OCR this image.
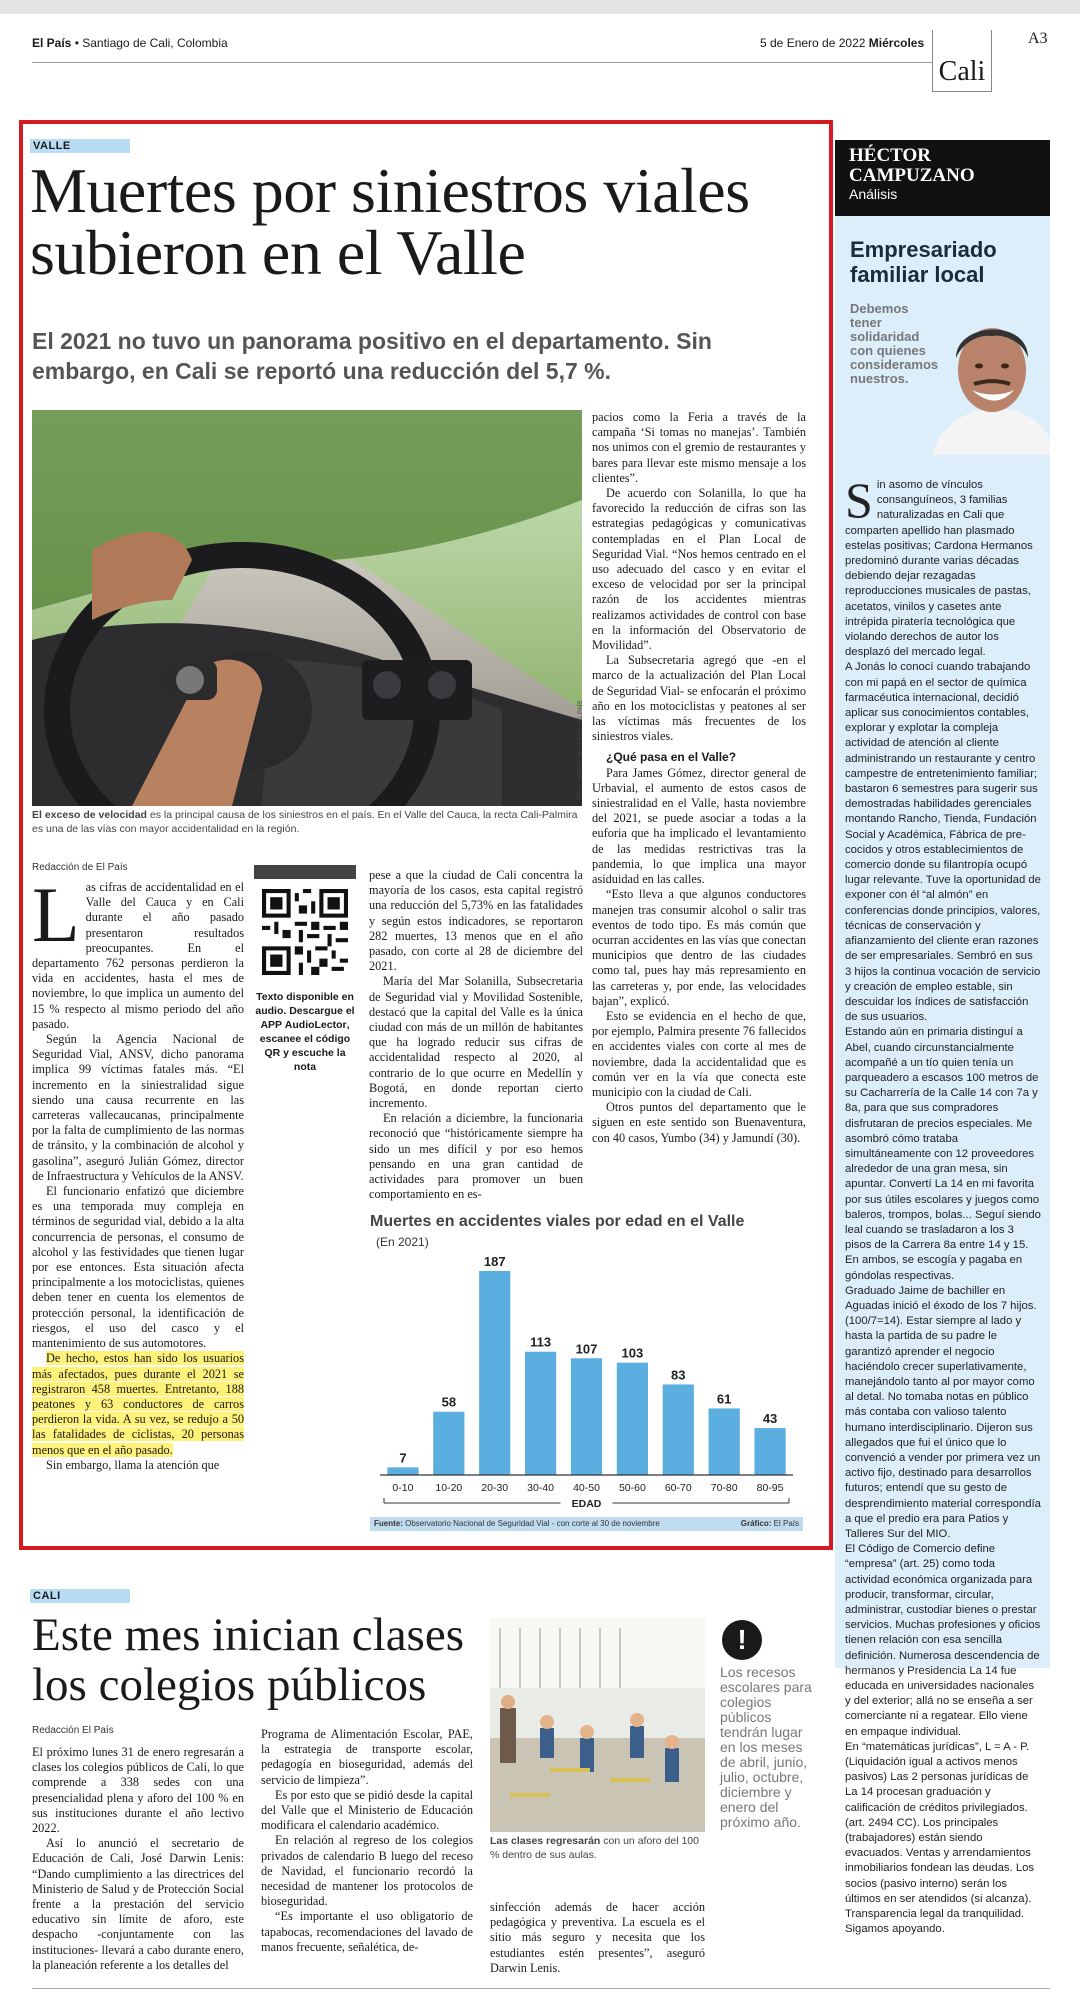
El País • Santiago de Cali, Colombia	5 de Enero de 2022 Miércoles
Cali
A3
VALLE
Muertes por siniestros viales subieron en el Valle
El 2021 no tuvo un panorama positivo en el departamento. Sin embargo, en Cali se reportó una reducción del 5,7 %.
FOTO: JORGE ORDEZCO / EL PAÍS
El exceso de velocidad es la principal causa de los siniestros en el país. En el Valle del Cauca, la recta Cali-Palmira es una de las vías con mayor accidentalidad en la región.
Redacción de El País

Las cifras de accidentalidad en el Valle del Cauca y en Cali durante el año pasado presentaron resultados preocupantes. En el departamento 762 personas perdieron la vida en accidentes, hasta el mes de noviembre, lo que implica un aumento del 15 % respecto al mismo periodo del año pasado.

Según la Agencia Nacional de Seguridad Vial, ANSV, dicho panorama implica 99 víctimas fatales más. “El incremento en la siniestralidad sigue siendo una causa recurrente en las carreteras vallecaucanas, principalmente por la falta de cumplimiento de las normas de tránsito, y la combinación de alcohol y gasolina”, aseguró Julián Gómez, director de Infraestructura y Vehículos de la ANSV.

El funcionario enfatizó que diciembre es una temporada muy compleja en términos de seguridad vial, debido a la alta concurrencia de personas, el consumo de alcohol y las festividades que tienen lugar por ese entonces. Esta situación afecta principalmente a los motociclistas, quienes deben tener en cuenta los elementos de protección personal, la identificación de riesgos, el uso del casco y el mantenimiento de sus automotores.

De hecho, estos han sido los usuarios más afectados, pues durante el 2021 se registraron 458 muertes. Entretanto, 188 peatones y 63 conductores de carros perdieron la vida. A su vez, se redujo a 50 las fatalidades de ciclistas, 20 personas menos que en el año pasado.

Sin embargo, llama la atención que

Texto disponible en audio. Descargue el APP AudioLector, escanee el código QR y escuche la nota

pese a que la ciudad de Cali concentra la mayoría de los casos, esta capital registró una reducción del 5,73% en las fatalidades y según estos indicadores, se reportaron 282 muertes, 13 menos que en el año pasado, con corte al 28 de diciembre del 2021.

María del Mar Solanilla, Subsecretaria de Seguridad vial y Movilidad Sostenible, destacó que la capital del Valle es la única ciudad con más de un millón de habitantes que ha logrado reducir sus cifras de accidentalidad respecto al 2020, al contrario de lo que ocurre en Medellín y Bogotá, en donde reportan cierto incremento.

En relación a diciembre, la funcionaria reconoció que “históricamente siempre ha sido un mes difícil y por eso hemos pensando en una gran cantidad de actividades para promover un buen comportamiento en es-

pacios como la Feria a través de la campaña ‘Si tomas no manejas’. También nos unimos con el gremio de restaurantes y bares para llevar este mismo mensaje a los clientes”.

De acuerdo con Solanilla, lo que ha favorecido la reducción de cifras son las estrategias pedagógicas y comunicativas contempladas en el Plan Local de Seguridad Vial. “Nos hemos centrado en el uso adecuado del casco y en evitar el exceso de velocidad por ser la principal razón de los accidentes mientras realizamos actividades de control con base en la información del Observatorio de Movilidad”.

La Subsecretaria agregó que -en el marco de la actualización del Plan Local de Seguridad Vial- se enfocarán el próximo año en los motociclistas y peatones al ser las víctimas más frecuentes de los siniestros viales.

¿Qué pasa en el Valle?

Para James Gómez, director general de Urbavial, el aumento de estos casos de siniestralidad en el Valle, hasta noviembre del 2021, se puede asociar a todas a la euforia que ha implicado el levantamiento de las medidas restrictivas tras la pandemia, lo que implica una mayor asiduidad en las calles.

“Esto lleva a que algunos conductores manejen tras consumir alcohol o salir tras eventos de todo tipo. Es más común que ocurran accidentes en las vías que conectan municipios que dentro de las ciudades como tal, pues hay más represamiento en las carreteras y, por ende, las velocidades bajan”, explicó.

Esto se evidencia en el hecho de que, por ejemplo, Palmira presente 76 fallecidos en accidentes viales con corte al mes de noviembre, dada la accidentalidad que es común ver en la vía que conecta este municipio con la ciudad de Cali.

Otros puntos del departamento que le siguen en este sentido son Buenaventura, con 40 casos, Yumbo (34) y Jamundí (30).

Muertes en accidentes viales por edad en el Valle
(En 2021)
7
0-10
58
10-20
187
20-30
113
30-40
107
40-50
103
50-60
83
60-70
61
70-80
43
80-95
EDAD
Fuente: Observatorio Nacional de Seguridad Vial - con corte al 30 de noviembre	Gráfico: El País
HÉCTOR
CAMPUZANO
Análisis
Empresariado familiar local
Debemos tener solidaridad con quienes consideramos nuestros.

Sin asomo de vínculos consanguíneos, 3 familias naturalizadas en Cali que comparten apellido han plasmado estelas positivas; Cardona Hermanos predominó durante varias décadas debiendo dejar rezagadas reproducciones musicales de pastas, acetatos, vinilos y casetes ante intrépida piratería tecnológica que violando derechos de autor los desplazó del mercado legal.

A Jonás lo conocí cuando trabajando con mi papá en el sector de química farmacéutica internacional, decidió aplicar sus conocimientos contables, explorar y explotar la compleja actividad de atención al cliente administrando un restaurante y centro campestre de entretenimiento familiar; bastaron 6 semestres para sugerir sus demostradas habilidades gerenciales montando Rancho, Tienda, Fundación Social y Académica, Fábrica de pre-cocidos y otros establecimientos de comercio donde su filantropía ocupó lugar relevante. Tuve la oportunidad de exponer con él “al almón” en conferencias donde principios, valores, técnicas de conservación y afianzamiento del cliente eran razones de ser empresariales. Sembró en sus 3 hijos la continua vocación de servicio y creación de empleo estable, sin descuidar los índices de satisfacción de sus usuarios.

Estando aún en primaria distinguí a Abel, cuando circunstancialmente acompañé a un tío quien tenía un parqueadero a escasos 100 metros de su Cacharrería de la Calle 14 con 7a y 8a, para que sus compradores disfrutaran de precios especiales. Me asombró cómo trataba simultáneamente con 12 proveedores alrededor de una gran mesa, sin apuntar. Convertí La 14 en mi favorita por sus útiles escolares y juegos como baleros, trompos, bolas... Seguí siendo leal cuando se trasladaron a los 3 pisos de la Carrera 8a entre 14 y 15. En ambos, se escogía y pagaba en góndolas respectivas.

Graduado Jaime de bachiller en Aguadas inició el éxodo de los 7 hijos. (100/7=14). Estar siempre al lado y hasta la partida de su padre le garantizó aprender el negocio haciéndolo crecer superlativamente, manejándolo tanto al por mayor como al detal. No tomaba notas en público más contaba con valioso talento humano interdisciplinario. Dijeron sus allegados que fui el único que lo convenció a vender por primera vez un activo fijo, destinado para desarrollos futuros; entendí que su gesto de desprendimiento material correspondía a que el predio era para Patios y Talleres Sur del MIO.

El Código de Comercio define “empresa” (art. 25) como toda actividad económica organizada para producir, transformar, circular, administrar, custodiar bienes o prestar servicios. Muchas profesiones y oficios tienen relación con esa sencilla definición. Numerosa descendencia de hermanos y Presidencia La 14 fue educada en universidades nacionales y del exterior; allá no se enseña a ser comerciante ni a regatear. Ello viene en empaque individual.

En “matemáticas jurídicas”, L = A - P. (Liquidación igual a activos menos pasivos) Las 2 personas jurídicas de La 14 procesan graduación y calificación de créditos privilegiados. (art. 2494 CC). Los principales (trabajadores) están siendo evacuados. Ventas y arrendamientos inmobiliarios fondean las deudas. Los socios (pasivo interno) serán los últimos en ser atendidos (si alcanza). Transparencia legal da tranquilidad. Sigamos apoyando.

CALI
Este mes inician clases los colegios públicos
Redacción El País

El próximo lunes 31 de enero regresarán a clases los colegios públicos de Cali, lo que comprende a 338 sedes con una presencialidad plena y aforo del 100 % en sus instituciones durante el año lectivo 2022.

Así lo anunció el secretario de Educación de Cali, José Darwin Lenis: “Dando cumplimiento a las directrices del Ministerio de Salud y de Protección Social frente a la prestación del servicio educativo sin límite de aforo, este despacho -conjuntamente con las instituciones- llevará a cabo durante enero, la planeación referente a los detalles del

Programa de Alimentación Escolar, PAE, la estrategia de transporte escolar, pedagogía en bioseguridad, además del servicio de limpieza”.

Es por esto que se pidió desde la capital del Valle que el Ministerio de Educación modificara el calendario académico.

En relación al regreso de los colegios privados de calendario B luego del receso de Navidad, el funcionario recordó la necesidad de mantener los protocolos de bioseguridad.

“Es importante el uso obligatorio de tapabocas, recomendaciones del lavado de manos frecuente, señalética, de-

sinfección además de hacer acción pedagógica y preventiva. La escuela es el sitio más seguro y necesita que los estudiantes estén presentes”, aseguró Darwin Lenis.

Las clases regresarán con un aforo del 100 % dentro de sus aulas.
!
Los recesos escolares para colegios públicos tendrán lugar en los meses de abril, junio, julio, octubre, diciembre y enero del próximo año.
